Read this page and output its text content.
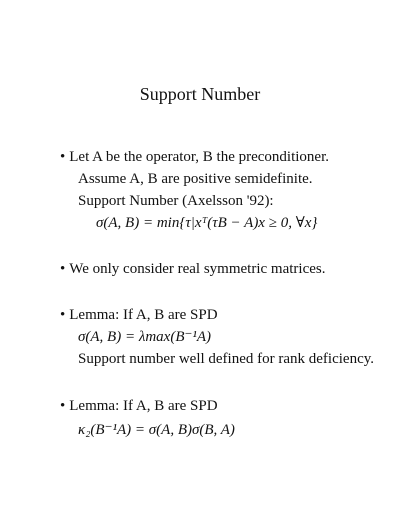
Support Number
• Let A be the operator, B the preconditioner.
Assume A, B are positive semidefinite.
Support Number (Axelsson '92):
σ(A, B) = min{τ|xᵀ(τB − A)x ≥ 0, ∀x}
• We only consider real symmetric matrices.
• Lemma: If A, B are SPD
σ(A, B) = λmax(B⁻¹A)
Support number well defined for rank deficiency.
• Lemma: If A, B are SPD
κ₂(B⁻¹A) = σ(A, B)σ(B, A)
